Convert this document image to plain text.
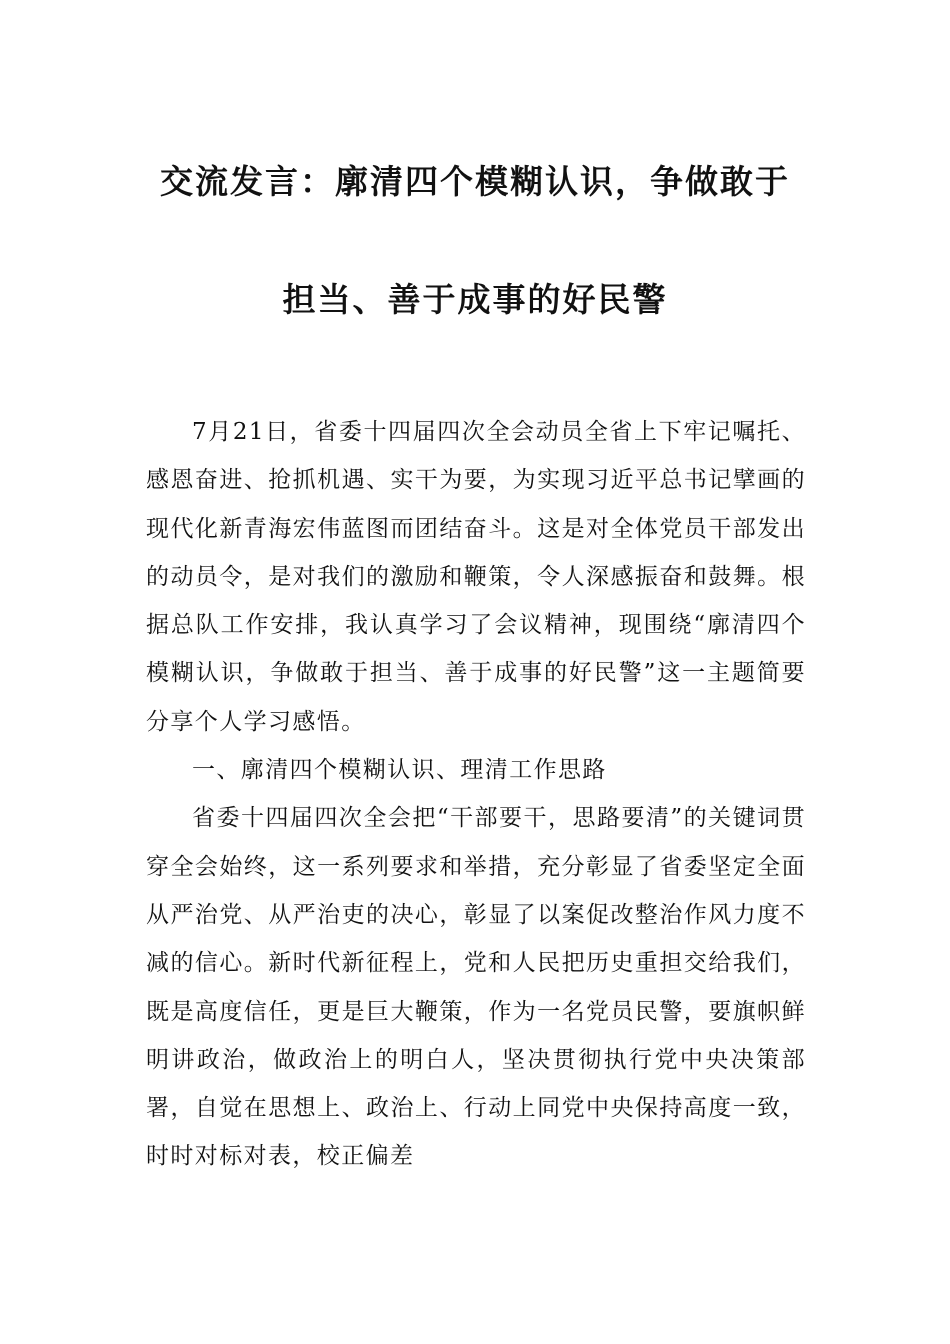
交流发言：廓清四个模糊认识，争做敢于
担当、善于成事的好民警

7月21日，省委十四届四次全会动员全省上下牢记嘱托、感恩奋进、抢抓机遇、实干为要，为实现习近平总书记擘画的现代化新青海宏伟蓝图而团结奋斗。这是对全体党员干部发出的动员令，是对我们的激励和鞭策，令人深感振奋和鼓舞。根据总队工作安排，我认真学习了会议精神，现围绕“廓清四个模糊认识，争做敢于担当、善于成事的好民警”这一主题简要分享个人学习感悟。

一、廓清四个模糊认识、理清工作思路

省委十四届四次全会把“干部要干，思路要清”的关键词贯穿全会始终，这一系列要求和举措，充分彰显了省委坚定全面从严治党、从严治吏的决心，彰显了以案促改整治作风力度不减的信心。新时代新征程上，党和人民把历史重担交给我们，既是高度信任，更是巨大鞭策，作为一名党员民警，要旗帜鲜明讲政治，做政治上的明白人，坚决贯彻执行党中央决策部署，自觉在思想上、政治上、行动上同党中央保持高度一致，时时对标对表，校正偏差
